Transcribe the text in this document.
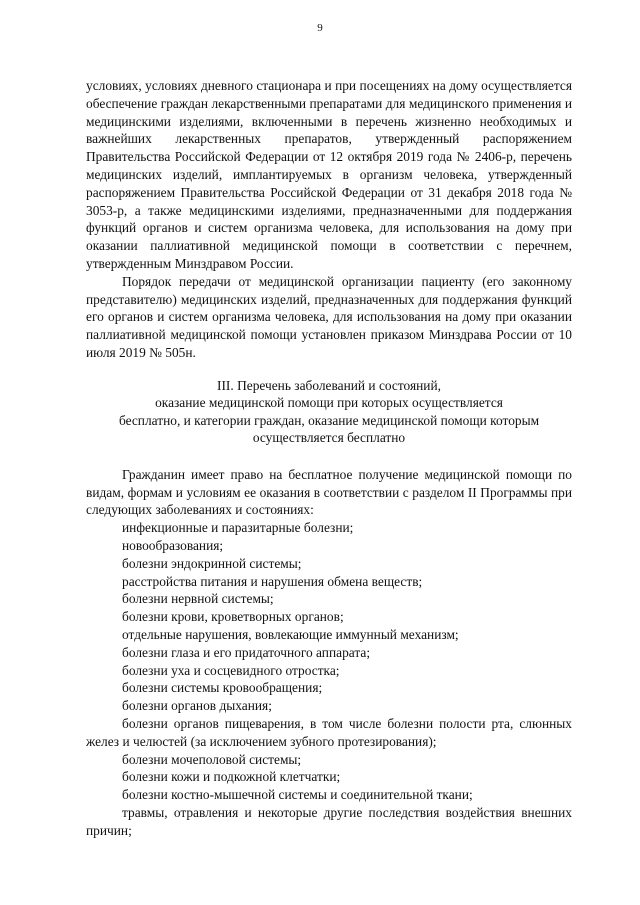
9

условиях, условиях дневного стационара и при посещениях на дому осуществляется обеспечение граждан лекарственными препаратами для медицинского применения и медицинскими изделиями, включенными в перечень жизненно необходимых и важнейших лекарственных препаратов, утвержденный распоряжением Правительства Российской Федерации от 12 октября 2019 года № 2406-р, перечень медицинских изделий, имплантируемых в организм человека, утвержденный распоряжением Правительства Российской Федерации от 31 декабря 2018 года № 3053-р, а также медицинскими изделиями, предназначенными для поддержания функций органов и систем организма человека, для использования на дому при оказании паллиативной медицинской помощи в соответствии с перечнем, утвержденным Минздравом России.

Порядок передачи от медицинской организации пациенту (его законному представителю) медицинских изделий, предназначенных для поддержания функций его органов и систем организма человека, для использования на дому при оказании паллиативной медицинской помощи установлен приказом Минздрава России от 10 июля 2019 № 505н.

III. Перечень заболеваний и состояний,
оказание медицинской помощи при которых осуществляется
бесплатно, и категории граждан, оказание медицинской помощи которым
осуществляется бесплатно

Гражданин имеет право на бесплатное получение медицинской помощи по видам, формам и условиям ее оказания в соответствии с разделом II Программы при следующих заболеваниях и состояниях:

инфекционные и паразитарные болезни;
новообразования;
болезни эндокринной системы;
расстройства питания и нарушения обмена веществ;
болезни нервной системы;
болезни крови, кроветворных органов;
отдельные нарушения, вовлекающие иммунный механизм;
болезни глаза и его придаточного аппарата;
болезни уха и сосцевидного отростка;
болезни системы кровообращения;
болезни органов дыхания;
болезни органов пищеварения, в том числе болезни полости рта, слюнных желез и челюстей (за исключением зубного протезирования);
болезни мочеполовой системы;
болезни кожи и подкожной клетчатки;
болезни костно-мышечной системы и соединительной ткани;
травмы, отравления и некоторые другие последствия воздействия внешних причин;
